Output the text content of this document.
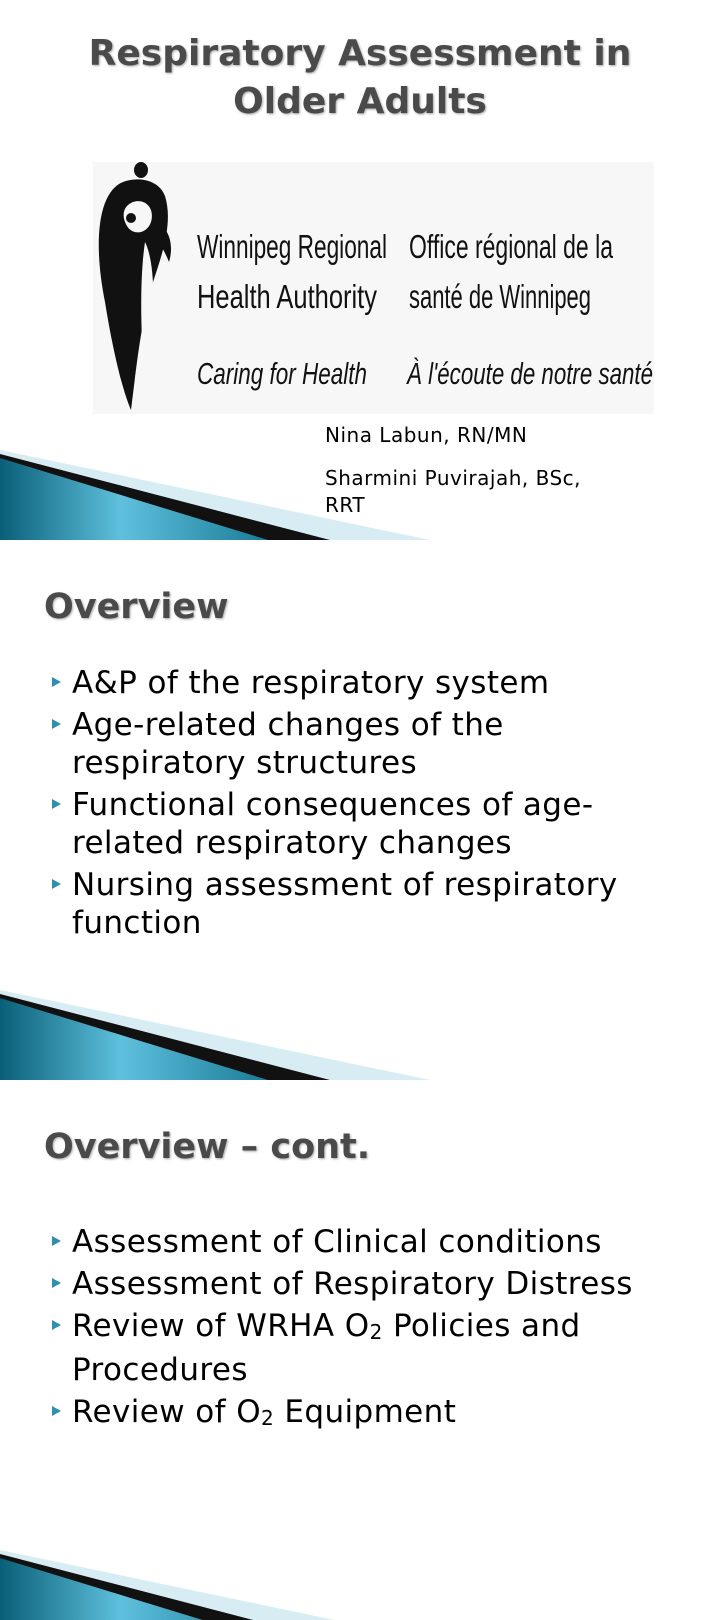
Respiratory Assessment in Older Adults
Winnipeg Regional
Health Authority
Caring for Health
Office régional de la
santé de Winnipeg
À l'écoute de notre santé
Nina Labun, RN/MN
Sharmini Puvirajah, BSc, RRT
Overview
A&P of the respiratory system
Age-related changes of the respiratory structures
Functional consequences of age-related respiratory changes
Nursing assessment of respiratory function
Overview – cont.
Assessment of Clinical conditions
Assessment of Respiratory Distress
Review of WRHA O2 Policies and Procedures
Review of O2 Equipment
